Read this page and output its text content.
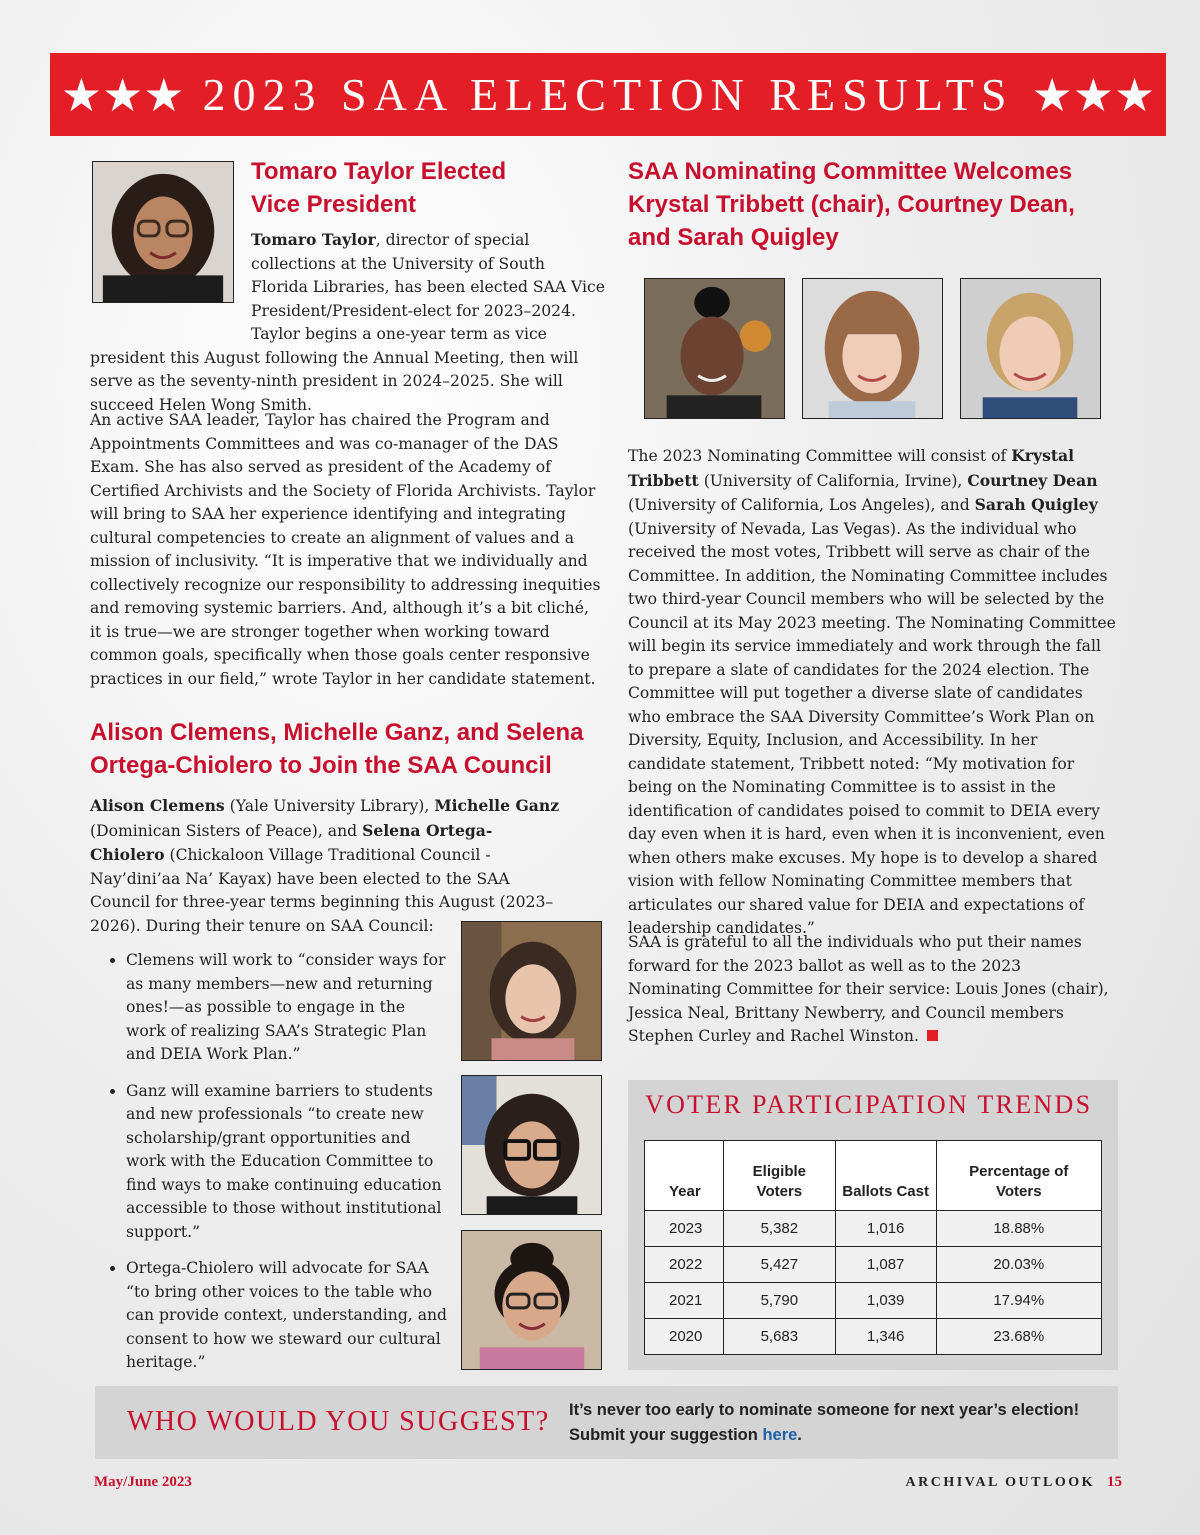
★★★ 2023 SAA ELECTION RESULTS ★★★
Tomaro Taylor Elected
Vice President
Tomaro Taylor, director of special collections at the University of South Florida Libraries, has been elected SAA Vice President/President-elect for 2023–2024. Taylor begins a one-year term as vice president this August following the Annual Meeting, then will serve as the seventy-ninth president in 2024–2025. She will succeed Helen Wong Smith.
An active SAA leader, Taylor has chaired the Program and Appointments Committees and was co-manager of the DAS Exam. She has also served as president of the Academy of Certified Archivists and the Society of Florida Archivists. Taylor will bring to SAA her experience identifying and integrating cultural competencies to create an alignment of values and a mission of inclusivity. “It is imperative that we individually and collectively recognize our responsibility to addressing inequities and removing systemic barriers. And, although it’s a bit cliché, it is true—we are stronger together when working toward common goals, specifically when those goals center responsive practices in our field,” wrote Taylor in her candidate statement.
Alison Clemens, Michelle Ganz, and Selena
Ortega-Chiolero to Join the SAA Council
Alison Clemens (Yale University Library), Michelle Ganz (Dominican Sisters of Peace), and Selena Ortega-Chiolero (Chickaloon Village Traditional Council - Nay’dini’aa Na’ Kayax) have been elected to the SAA Council for three-year terms beginning this August (2023–2026). During their tenure on SAA Council:
• Clemens will work to “consider ways for as many members—new and returning ones!—as possible to engage in the work of realizing SAA’s Strategic Plan and DEIA Work Plan.”
• Ganz will examine barriers to students and new professionals “to create new scholarship/grant opportunities and work with the Education Committee to find ways to make continuing education accessible to those without institutional support.”
• Ortega-Chiolero will advocate for SAA “to bring other voices to the table who can provide context, understanding, and consent to how we steward our cultural heritage.”
SAA Nominating Committee Welcomes
Krystal Tribbett (chair), Courtney Dean,
and Sarah Quigley
The 2023 Nominating Committee will consist of Krystal Tribbett (University of California, Irvine), Courtney Dean (University of California, Los Angeles), and Sarah Quigley (University of Nevada, Las Vegas). As the individual who received the most votes, Tribbett will serve as chair of the Committee. In addition, the Nominating Committee includes two third-year Council members who will be selected by the Council at its May 2023 meeting. The Nominating Committee will begin its service immediately and work through the fall to prepare a slate of candidates for the 2024 election. The Committee will put together a diverse slate of candidates who embrace the SAA Diversity Committee’s Work Plan on Diversity, Equity, Inclusion, and Accessibility. In her candidate statement, Tribbett noted: “My motivation for being on the Nominating Committee is to assist in the identification of candidates poised to commit to DEIA every day even when it is hard, even when it is inconvenient, even when others make excuses. My hope is to develop a shared vision with fellow Nominating Committee members that articulates our shared value for DEIA and expectations of leadership candidates.”
SAA is grateful to all the individuals who put their names forward for the 2023 ballot as well as to the 2023 Nominating Committee for their service: Louis Jones (chair), Jessica Neal, Brittany Newberry, and Council members Stephen Curley and Rachel Winston.
VOTER PARTICIPATION TRENDS
Year	Eligible Voters	Ballots Cast	Percentage of Voters
2023	5,382	1,016	18.88%
2022	5,427	1,087	20.03%
2021	5,790	1,039	17.94%
2020	5,683	1,346	23.68%
WHO WOULD YOU SUGGEST? It’s never too early to nominate someone for next year’s election!
Submit your suggestion here.
May/June 2023	ARCHIVAL OUTLOOK 15
